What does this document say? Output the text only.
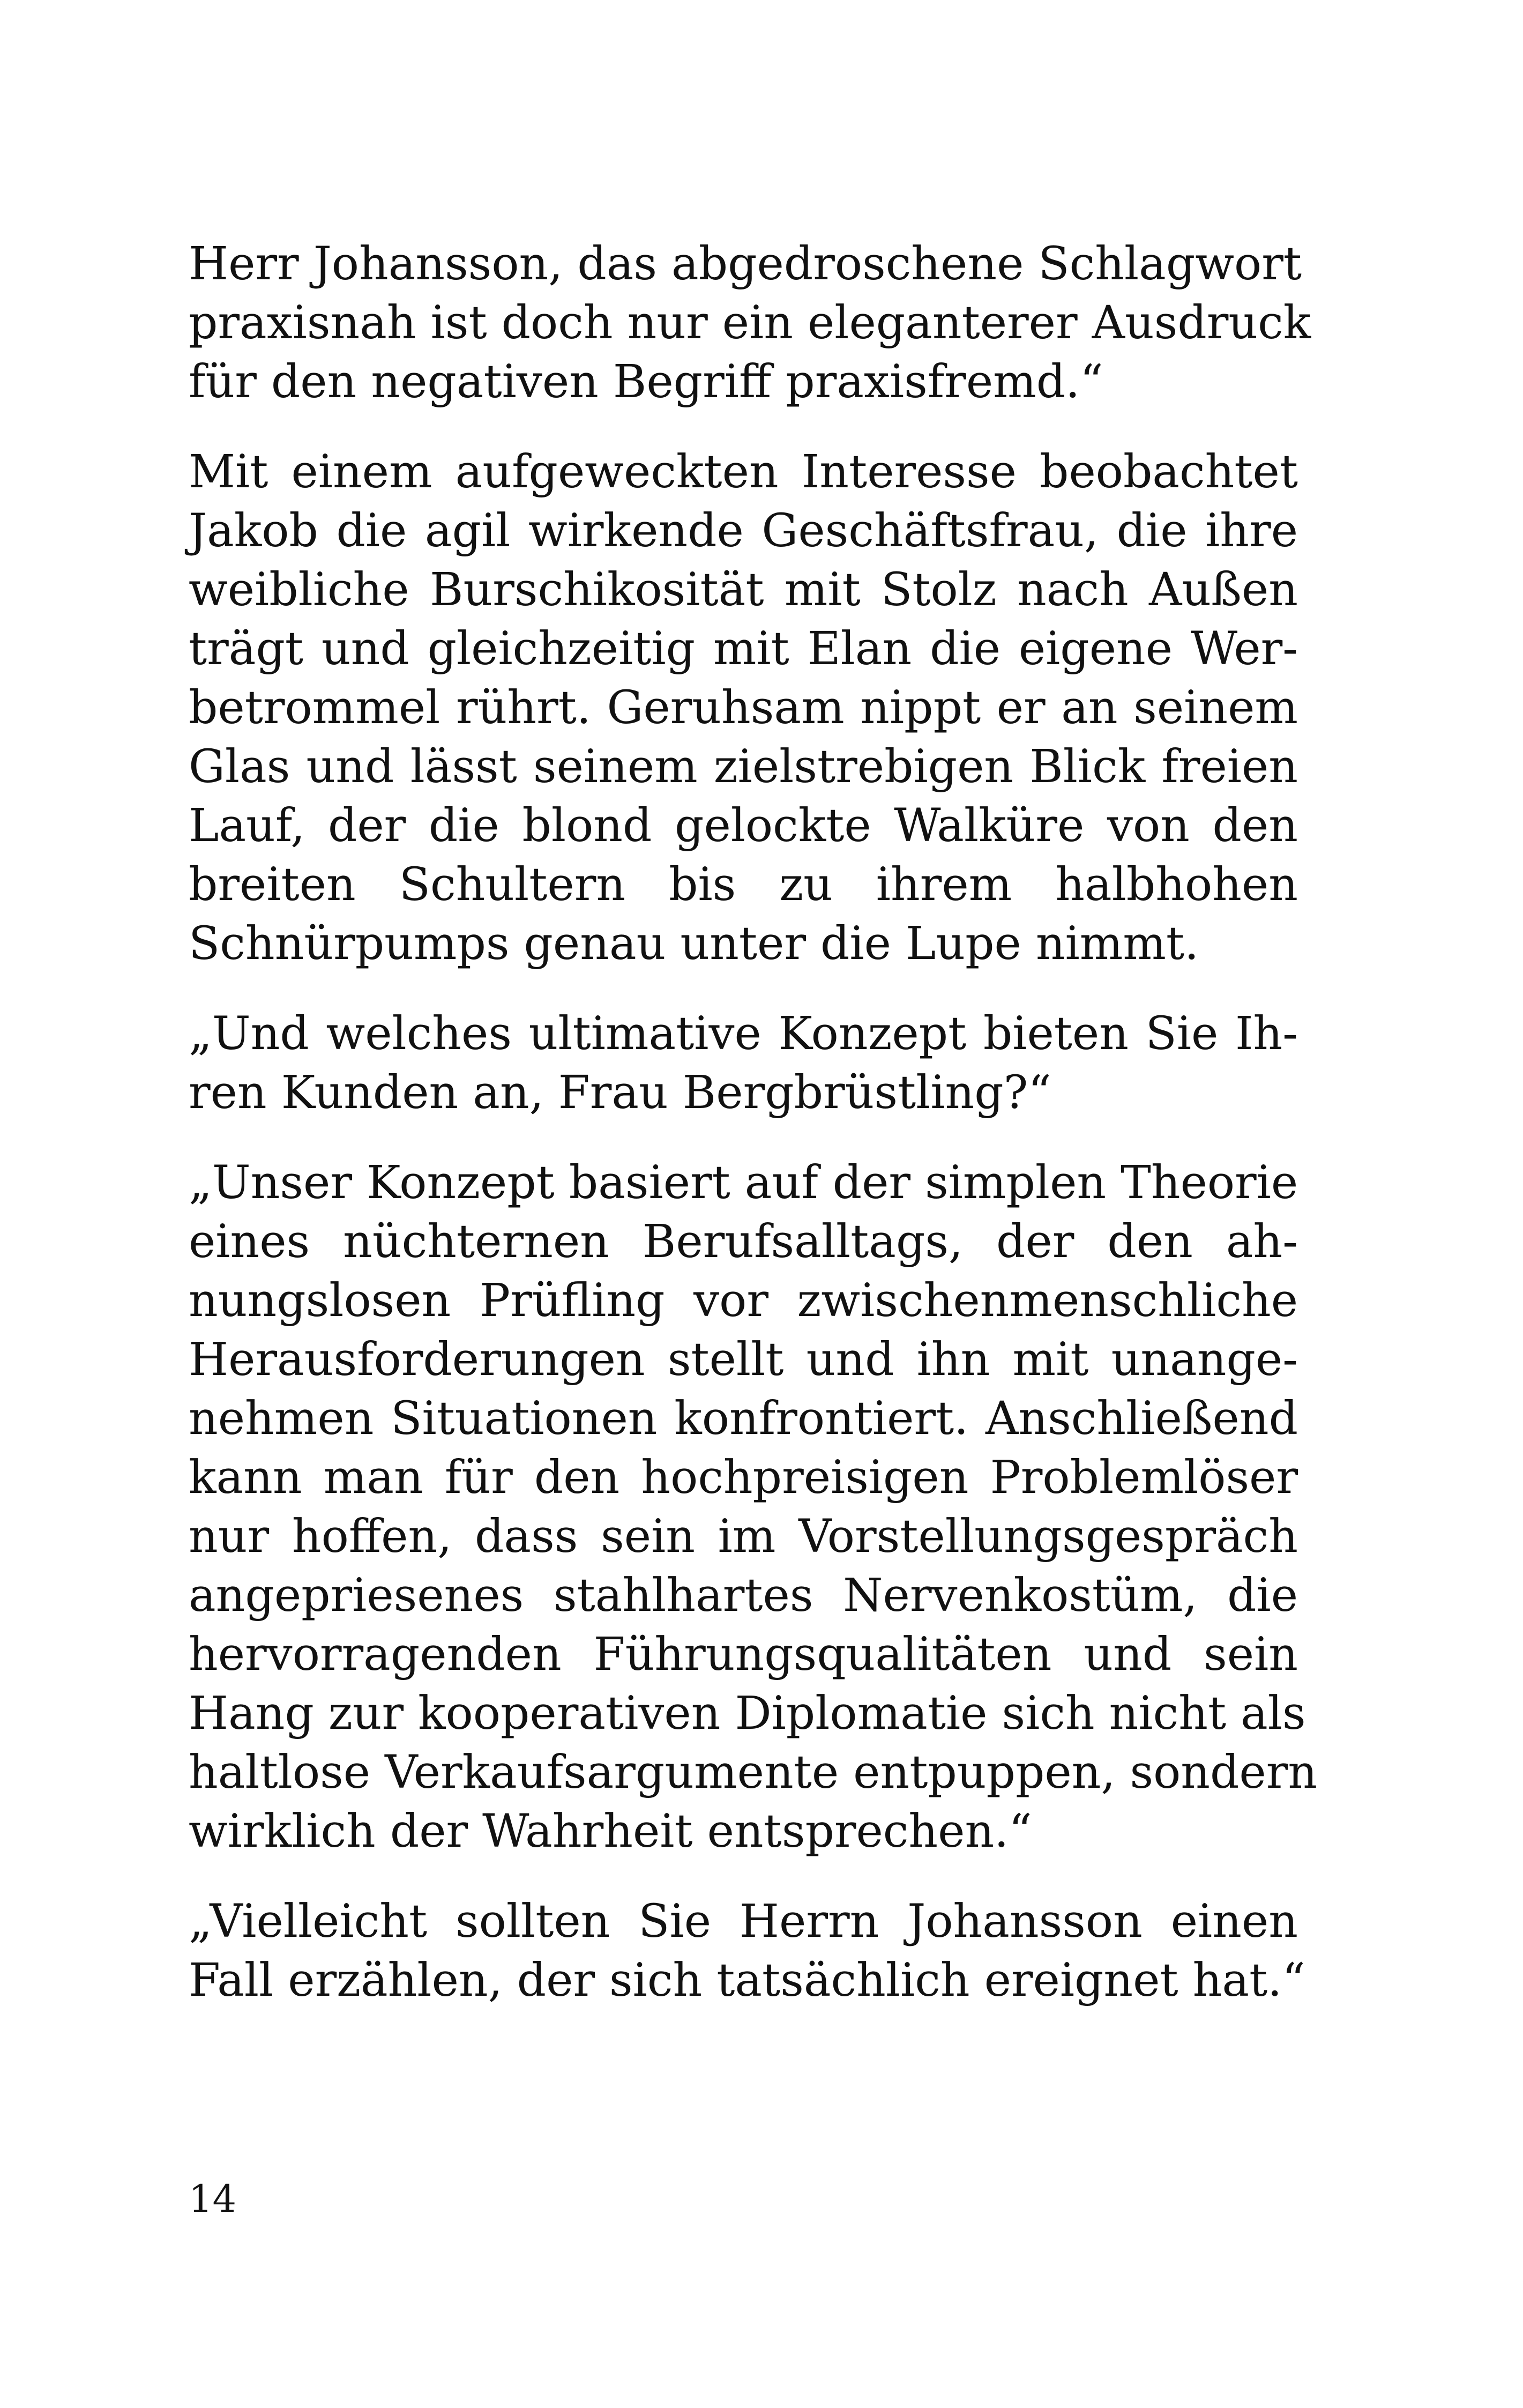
Herr Johansson, das abgedroschene Schlagwort
praxisnah ist doch nur ein eleganterer Ausdruck
für den negativen Begriff praxisfremd.“

Mit einem aufgeweckten Interesse beobachtet
Jakob die agil wirkende Geschäftsfrau, die ihre
weibliche Burschikosität mit Stolz nach Außen
trägt und gleichzeitig mit Elan die eigene Wer-
betrommel rührt. Geruhsam nippt er an seinem
Glas und lässt seinem zielstrebigen Blick freien
Lauf, der die blond gelockte Walküre von den
breiten Schultern bis zu ihrem halbhohen
Schnürpumps genau unter die Lupe nimmt.

„Und welches ultimative Konzept bieten Sie Ih-
ren Kunden an, Frau Bergbrüstling?“

„Unser Konzept basiert auf der simplen Theorie
eines nüchternen Berufsalltags, der den ah-
nungslosen Prüfling vor zwischenmenschliche
Herausforderungen stellt und ihn mit unange-
nehmen Situationen konfrontiert. Anschließend
kann man für den hochpreisigen Problemlöser
nur hoffen, dass sein im Vorstellungsgespräch
angepriesenes stahlhartes Nervenkostüm, die
hervorragenden Führungsqualitäten und sein
Hang zur kooperativen Diplomatie sich nicht als
haltlose Verkaufsargumente entpuppen, sondern
wirklich der Wahrheit entsprechen.“

„Vielleicht sollten Sie Herrn Johansson einen
Fall erzählen, der sich tatsächlich ereignet hat.“

14
